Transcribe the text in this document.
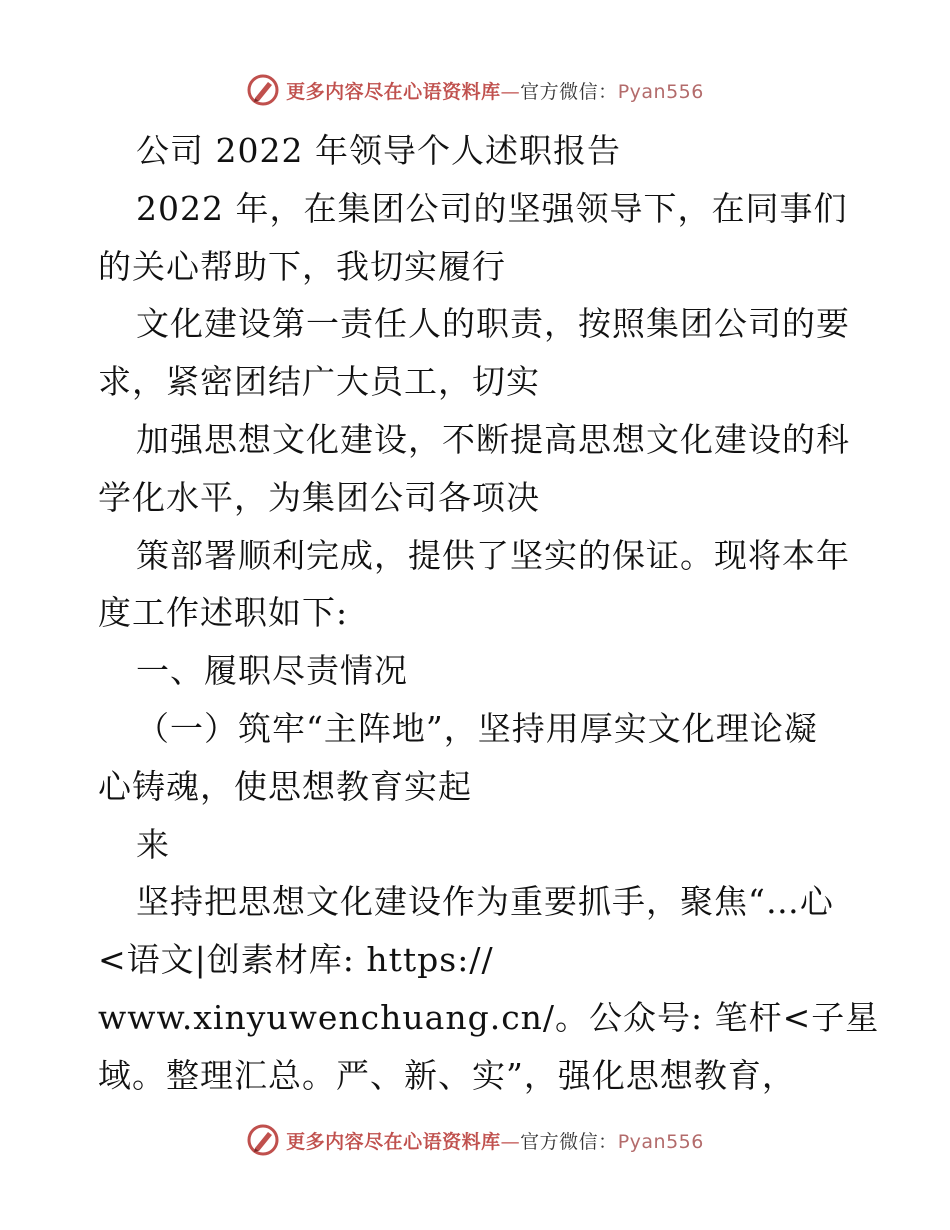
更多内容尽在心语资料库—官方微信：Pyan556
公司 2022 年领导个人述职报告
2022 年，在集团公司的坚强领导下，在同事们
的关心帮助下，我切实履行
文化建设第一责任人的职责，按照集团公司的要
求，紧密团结广大员工，切实
加强思想文化建设，不断提高思想文化建设的科
学化水平，为集团公司各项决
策部署顺利完成，提供了坚实的保证。现将本年
度工作述职如下:
一、履职尽责情况
（一）筑牢“主阵地”，坚持用厚实文化理论凝
心铸魂，使思想教育实起
来
坚持把思想文化建设作为重要抓手，聚焦“…心
<语文|创素材库: https://
www.xinyuwenchuang.cn/。公众号: 笔杆<子星
域。整理汇总。严、新、实”，强化思想教育，
更多内容尽在心语资料库—官方微信：Pyan556
